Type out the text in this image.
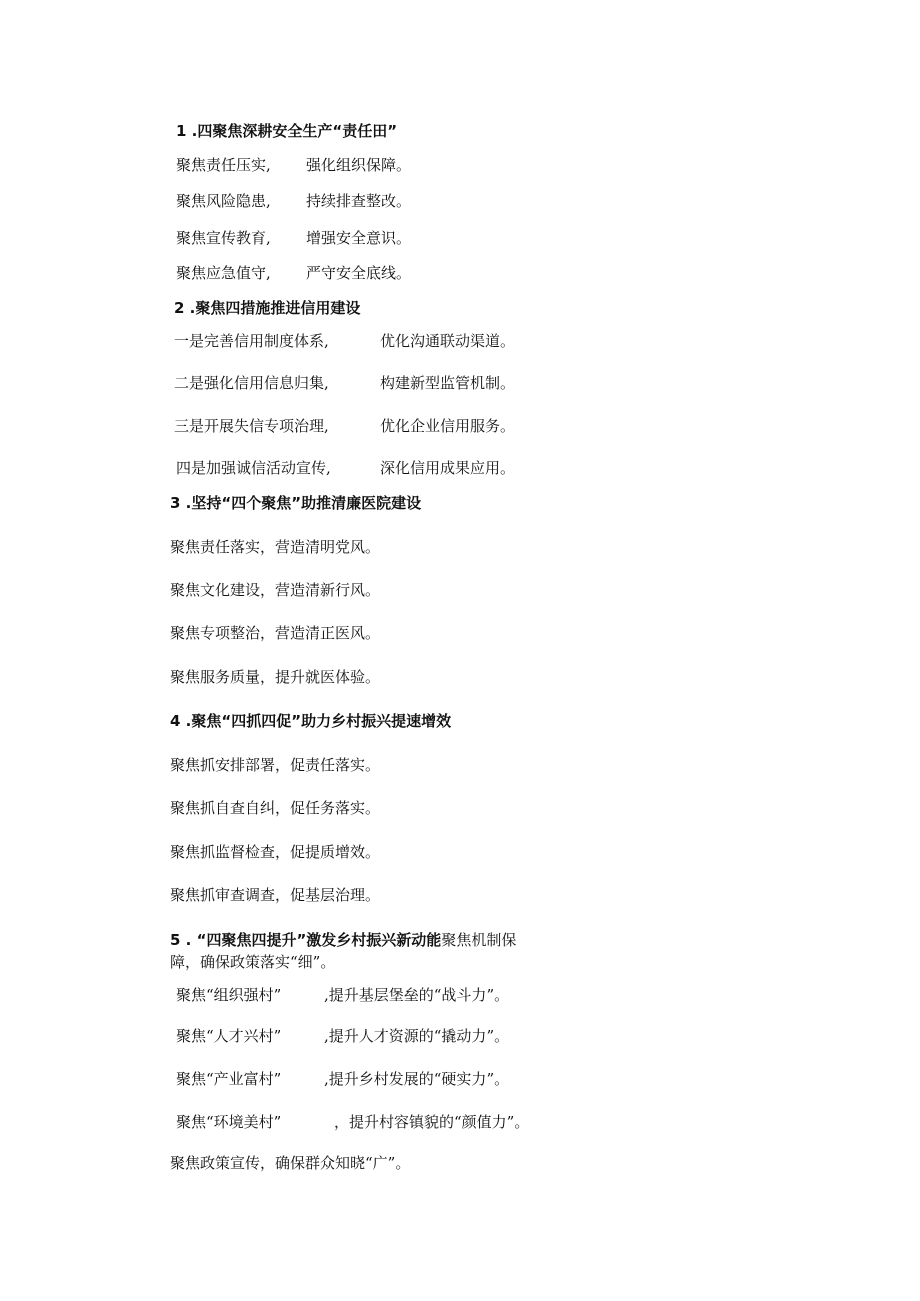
1 .四聚焦深耕安全生产“责任田”
聚焦责任压实, 强化组织保障。
聚焦风险隐患, 持续排查整改。
聚焦宣传教育, 增强安全意识。
聚焦应急值守, 严守安全底线。
2 .聚焦四措施推进信用建设
一是完善信用制度体系,	优化沟通联动渠道。
二是强化信用信息归集,	构建新型监管机制。
三是开展失信专项治理,	优化企业信用服务。
四是加强诚信活动宣传,	深化信用成果应用。
3 .坚持“四个聚焦”助推清廉医院建设
聚焦责任落实，营造清明党风。
聚焦文化建设，营造清新行风。
聚焦专项整治，营造清正医风。
聚焦服务质量，提升就医体验。
4 .聚焦“四抓四促”助力乡村振兴提速增效
聚焦抓安排部署，促责任落实。
聚焦抓自查自纠，促任务落实。
聚焦抓监督检查，促提质增效。
聚焦抓审查调查，促基层治理。
5 . “四聚焦四提升”激发乡村振兴新动能聚焦机制保
障，确保政策落实“细”。
聚焦“组织强村”	,提升基层堡垒的“战斗力”。
聚焦“人才兴村”	,提升人才资源的“撬动力”。
聚焦“产业富村”	,提升乡村发展的“硬实力”。
聚焦“环境美村”	，提升村容镇貌的“颜值力”。
聚焦政策宣传，确保群众知晓“广”。
